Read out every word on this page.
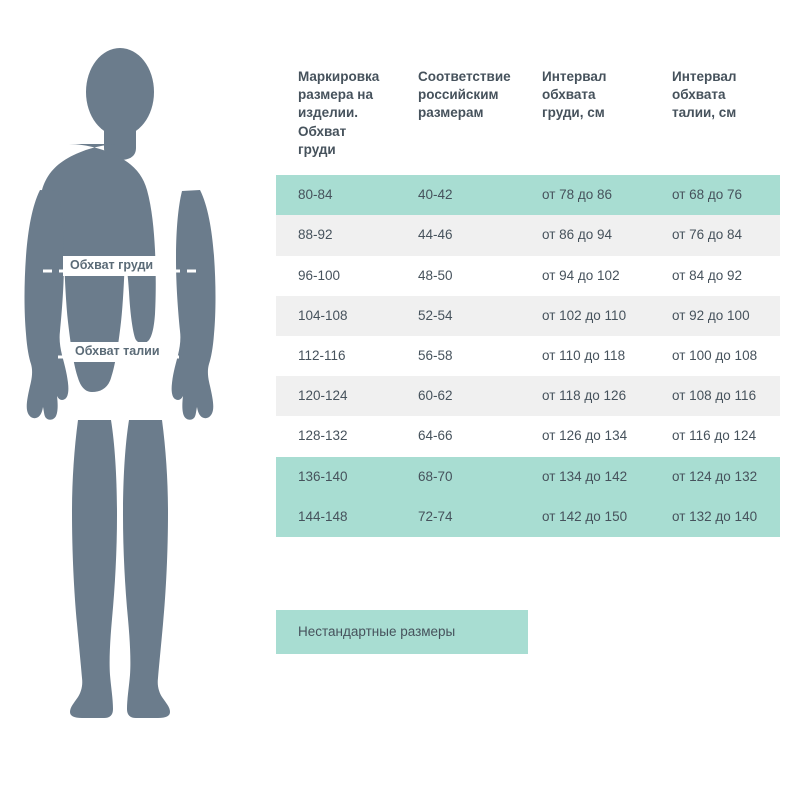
Обхват груди
Обхват талии
Маркировка размера на изделии. Обхват груди	Соответствие российским размерам	Интервал обхвата груди, см	Интервал обхвата талии, см
80-84	40-42	от 78 до 86	от 68 до 76
88-92	44-46	от 86 до 94	от 76 до 84
96-100	48-50	от 94 до 102	от 84 до 92
104-108	52-54	от 102 до 110	от 92 до 100
112-116	56-58	от 110 до 118	от 100 до 108
120-124	60-62	от 118 до 126	от 108 до 116
128-132	64-66	от 126 до 134	от 116 до 124
136-140	68-70	от 134 до 142	от 124 до 132
144-148	72-74	от 142 до 150	от 132 до 140
Нестандартные размеры
